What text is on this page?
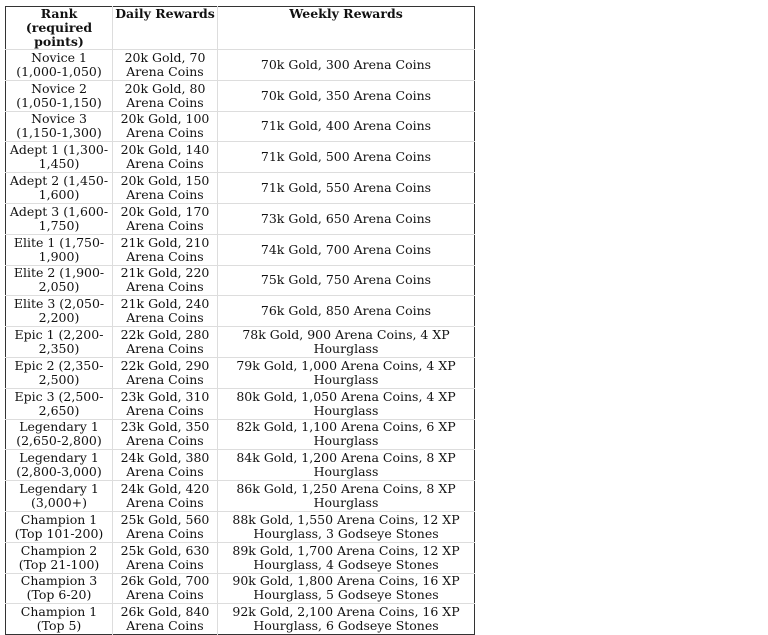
Rank (required points)	Daily Rewards	Weekly Rewards
Novice 1 (1,000-1,050)	20k Gold, 70 Arena Coins	70k Gold, 300 Arena Coins
Novice 2 (1,050-1,150)	20k Gold, 80 Arena Coins	70k Gold, 350 Arena Coins
Novice 3 (1,150-1,300)	20k Gold, 100 Arena Coins	71k Gold, 400 Arena Coins
Adept 1 (1,300-1,450)	20k Gold, 140 Arena Coins	71k Gold, 500 Arena Coins
Adept 2 (1,450-1,600)	20k Gold, 150 Arena Coins	71k Gold, 550 Arena Coins
Adept 3 (1,600-1,750)	20k Gold, 170 Arena Coins	73k Gold, 650 Arena Coins
Elite 1 (1,750-1,900)	21k Gold, 210 Arena Coins	74k Gold, 700 Arena Coins
Elite 2 (1,900-2,050)	21k Gold, 220 Arena Coins	75k Gold, 750 Arena Coins
Elite 3 (2,050-2,200)	21k Gold, 240 Arena Coins	76k Gold, 850 Arena Coins
Epic 1 (2,200-2,350)	22k Gold, 280 Arena Coins	78k Gold, 900 Arena Coins, 4 XP Hourglass
Epic 2 (2,350-2,500)	22k Gold, 290 Arena Coins	79k Gold, 1,000 Arena Coins, 4 XP Hourglass
Epic 3 (2,500-2,650)	23k Gold, 310 Arena Coins	80k Gold, 1,050 Arena Coins, 4 XP Hourglass
Legendary 1 (2,650-2,800)	23k Gold, 350 Arena Coins	82k Gold, 1,100 Arena Coins, 6 XP Hourglass
Legendary 1 (2,800-3,000)	24k Gold, 380 Arena Coins	84k Gold, 1,200 Arena Coins, 8 XP Hourglass
Legendary 1 (3,000+)	24k Gold, 420 Arena Coins	86k Gold, 1,250 Arena Coins, 8 XP Hourglass
Champion 1 (Top 101-200)	25k Gold, 560 Arena Coins	88k Gold, 1,550 Arena Coins, 12 XP Hourglass, 3 Godseye Stones
Champion 2 (Top 21-100)	25k Gold, 630 Arena Coins	89k Gold, 1,700 Arena Coins, 12 XP Hourglass, 4 Godseye Stones
Champion 3 (Top 6-20)	26k Gold, 700 Arena Coins	90k Gold, 1,800 Arena Coins, 16 XP Hourglass, 5 Godseye Stones
Champion 1 (Top 5)	26k Gold, 840 Arena Coins	92k Gold, 2,100 Arena Coins, 16 XP Hourglass, 6 Godseye Stones
